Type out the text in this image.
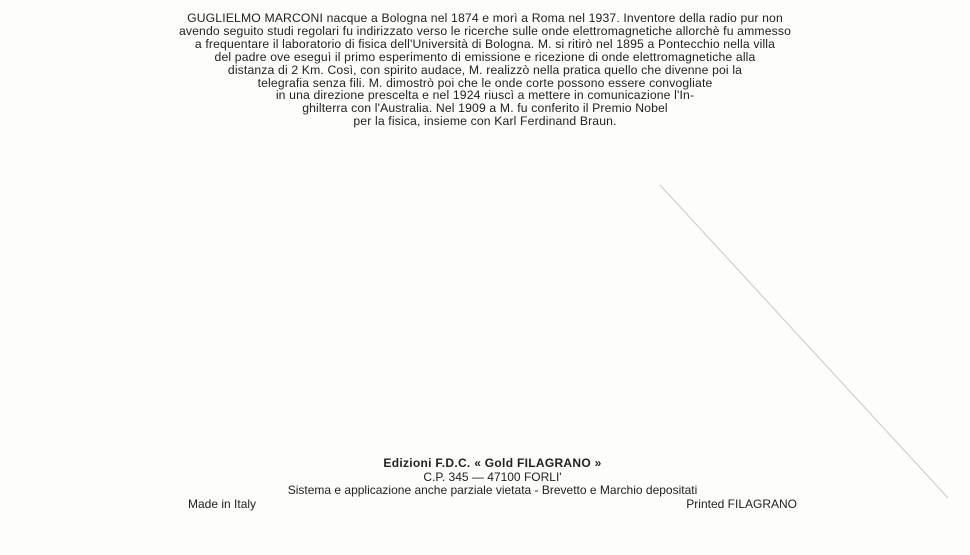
GUGLIELMO MARCONI nacque a Bologna nel 1874 e morì a Roma nel 1937. Inventore della radio pur non
avendo seguito studi regolari fu indirizzato verso le ricerche sulle onde elettromagnetiche allorchè fu ammesso
a frequentare il laboratorio di fisica dell'Università di Bologna. M. si ritirò nel 1895 a Pontecchio nella villa
del padre ove eseguì il primo esperimento di emissione e ricezione di onde elettromagnetiche alla
distanza di 2 Km. Così, con spirito audace, M. realizzò nella pratica quello che divenne poi la
telegrafia senza fili. M. dimostrò poi che le onde corte possono essere convogliate
in una direzione prescelta e nel 1924 riuscì a mettere in comunicazione l'In-
ghilterra con l'Australia. Nel 1909 a M. fu conferito il Premio Nobel
per la fisica, insieme con Karl Ferdinand Braun.
Edizioni F.D.C. « Gold FILAGRANO »
C.P. 345 — 47100 FORLI'
Sistema e applicazione anche parziale vietata - Brevetto e Marchio depositati
Made in Italy	Printed FILAGRANO
